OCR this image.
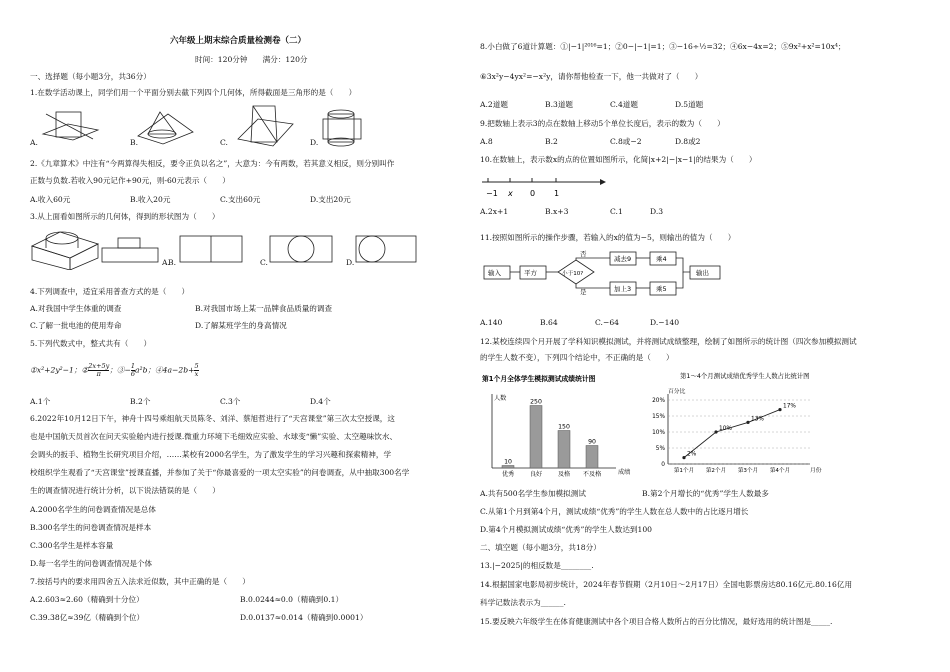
六年级上期末综合质量检测卷（二）
时间：120分钟　　满分：120分
一、选择题（每小题3分，共36分）
1.在数学活动课上，同学们用一个平面分别去截下列四个几何体，所得截面是三角形的是（　　）
A.	B.	C.	D.
2.《九章算术》中注有“今两算得失相反，要令正负以名之”，大意为：今有两数，若其意义相反，则分别叫作
正数与负数.若收入90元记作+90元，则-60元表示（　　）
A.收入60元	B.收入20元	C.支出60元	D.支出20元
3.从上面看如图所示的几何体，得到的形状图为（　　）
A.
B.	C.	D.
4.下列调查中，适宜采用普查方式的是（　　）
A.对我国中学生体重的调查	B.对我国市场上某一品牌食品质量的调查
C.了解一批电池的使用寿命	D.了解某班学生的身高情况
5.下列代数式中，整式共有（　　）
①x²+2y²−1；② $\frac{2x+5y}{\pi}$ ；③− $\frac{1}{6} a^2b$；④4a−2b+ $\frac{5}{x}$
A.1个	B.2个	C.3个	D.4个
6.2022年10月12日下午，神舟十四号乘组航天员陈冬、刘洋、蔡旭哲进行了“天宫课堂”第三次太空授课，这
也是中国航天员首次在问天实验舱内进行授课.微重力环境下毛细效应实验、水球变“懒”实验、太空趣味饮水、
会调头的扳手、植物生长研究项目介绍，……某校有2000名学生，为了激发学生的学习兴趣和探索精神，学
校组织学生观看了“天宫课堂”授课直播，并参加了关于“你最喜爱的一项太空实验”的问卷调查，从中抽取300名学
生的调查情况进行统计分析，以下说法错误的是（　　）
A.2000名学生的问卷调查情况是总体
B.300名学生的问卷调查情况是样本
C.300名学生是样本容量
D.每一名学生的问卷调查情况是个体
7.按括号内的要求用四舍五入法求近似数，其中正确的是（　　）
A.2.603≈2.60（精确到十分位）	B.0.0244≈0.0（精确到0.1）
C.39.38亿≈39亿（精确到个位）	D.0.0137≈0.014（精确到0.0001）
8.小白做了6道计算题：①|−1|²⁰¹⁶=1；②0−|−1|=1；③−16÷½=32；④6x−4x=2；⑤9x²+x²=10x⁴；
⑥3x²y−4yx²=−x²y，请你帮他检查一下，他一共做对了（　　）
A.2道题	B.3道题	C.4道题	D.5道题
9.把数轴上表示3的点在数轴上移动5个单位长度后，表示的数为（　　）
A.8	B.2	C.8或−2	D.8或2
10.在数轴上，表示数x的点的位置如图所示，化简|x+2|−|x−1|的结果为（　　）
−1 x 0 1
A.2x+1	B.x+3	C.1	D.3
11.按照如图所示的操作步骤，若输入的x的值为−5，则输出的值为（　　）
输入	平方	小于10?
否
是
减去9	乘4
加上3	乘5
输出
A.140	B.64	C.−64	D.−140
12.某校连续四个月开展了学科知识模拟测试，并将测试成绩整理，绘制了如图所示的统计图（四次参加模拟测试
的学生人数不变），下列四个结论中，不正确的是（　　）
第1个月全体学生模拟测试成绩统计图
人数
成绩
10
优秀
250
良好
150
及格
90
不及格
第1～4个月测试成绩优秀学生人数占比统计图
百分比
月份
0
5%
10%
15%
20%
2%
第1个月
10%
第2个月
13%
第3个月
17%
第4个月
A.共有500名学生参加模拟测试	B.第2个月增长的“优秀”学生人数最多
C.从第1个月到第4个月，测试成绩“优秀”的学生人数在总人数中的占比逐月增长
D.第4个月模拟测试成绩“优秀”的学生人数达到100
二、填空题（每小题3分，共18分）
13.|−2025|的相反数是________.
14.根据国家电影局初步统计，2024年春节假期（2月10日～2月17日）全国电影票房达80.16亿元.80.16亿用
科学记数法表示为______.
15.要反映六年级学生在体育健康测试中各个项目合格人数所占的百分比情况，最好选用的统计图是_____.
